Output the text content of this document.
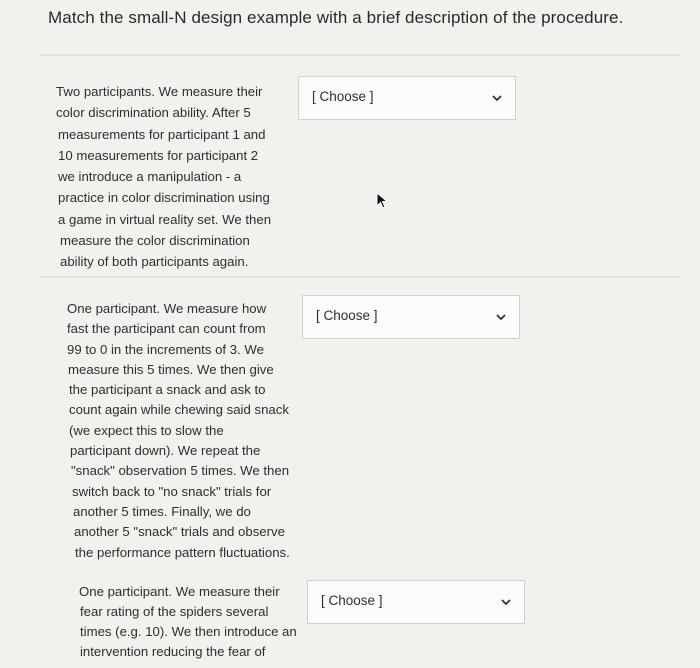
Match the small-N design example with a brief description of the procedure.
Two participants. We measure their
color discrimination ability. After 5
measurements for participant 1 and
10 measurements for participant 2
we introduce a manipulation - a
practice in color discrimination using
a game in virtual reality set. We then
measure the color discrimination
ability of both participants again.
[ Choose ]
One participant. We measure how
fast the participant can count from
99 to 0 in the increments of 3. We
measure this 5 times. We then give
the participant a snack and ask to
count again while chewing said snack
(we expect this to slow the
participant down). We repeat the
"snack" observation 5 times. We then
switch back to "no snack" trials for
another 5 times. Finally, we do
another 5 "snack" trials and observe
the performance pattern fluctuations.
[ Choose ]
One participant. We measure their
fear rating of the spiders several
times (e.g. 10). We then introduce an
intervention reducing the fear of
[ Choose ]
